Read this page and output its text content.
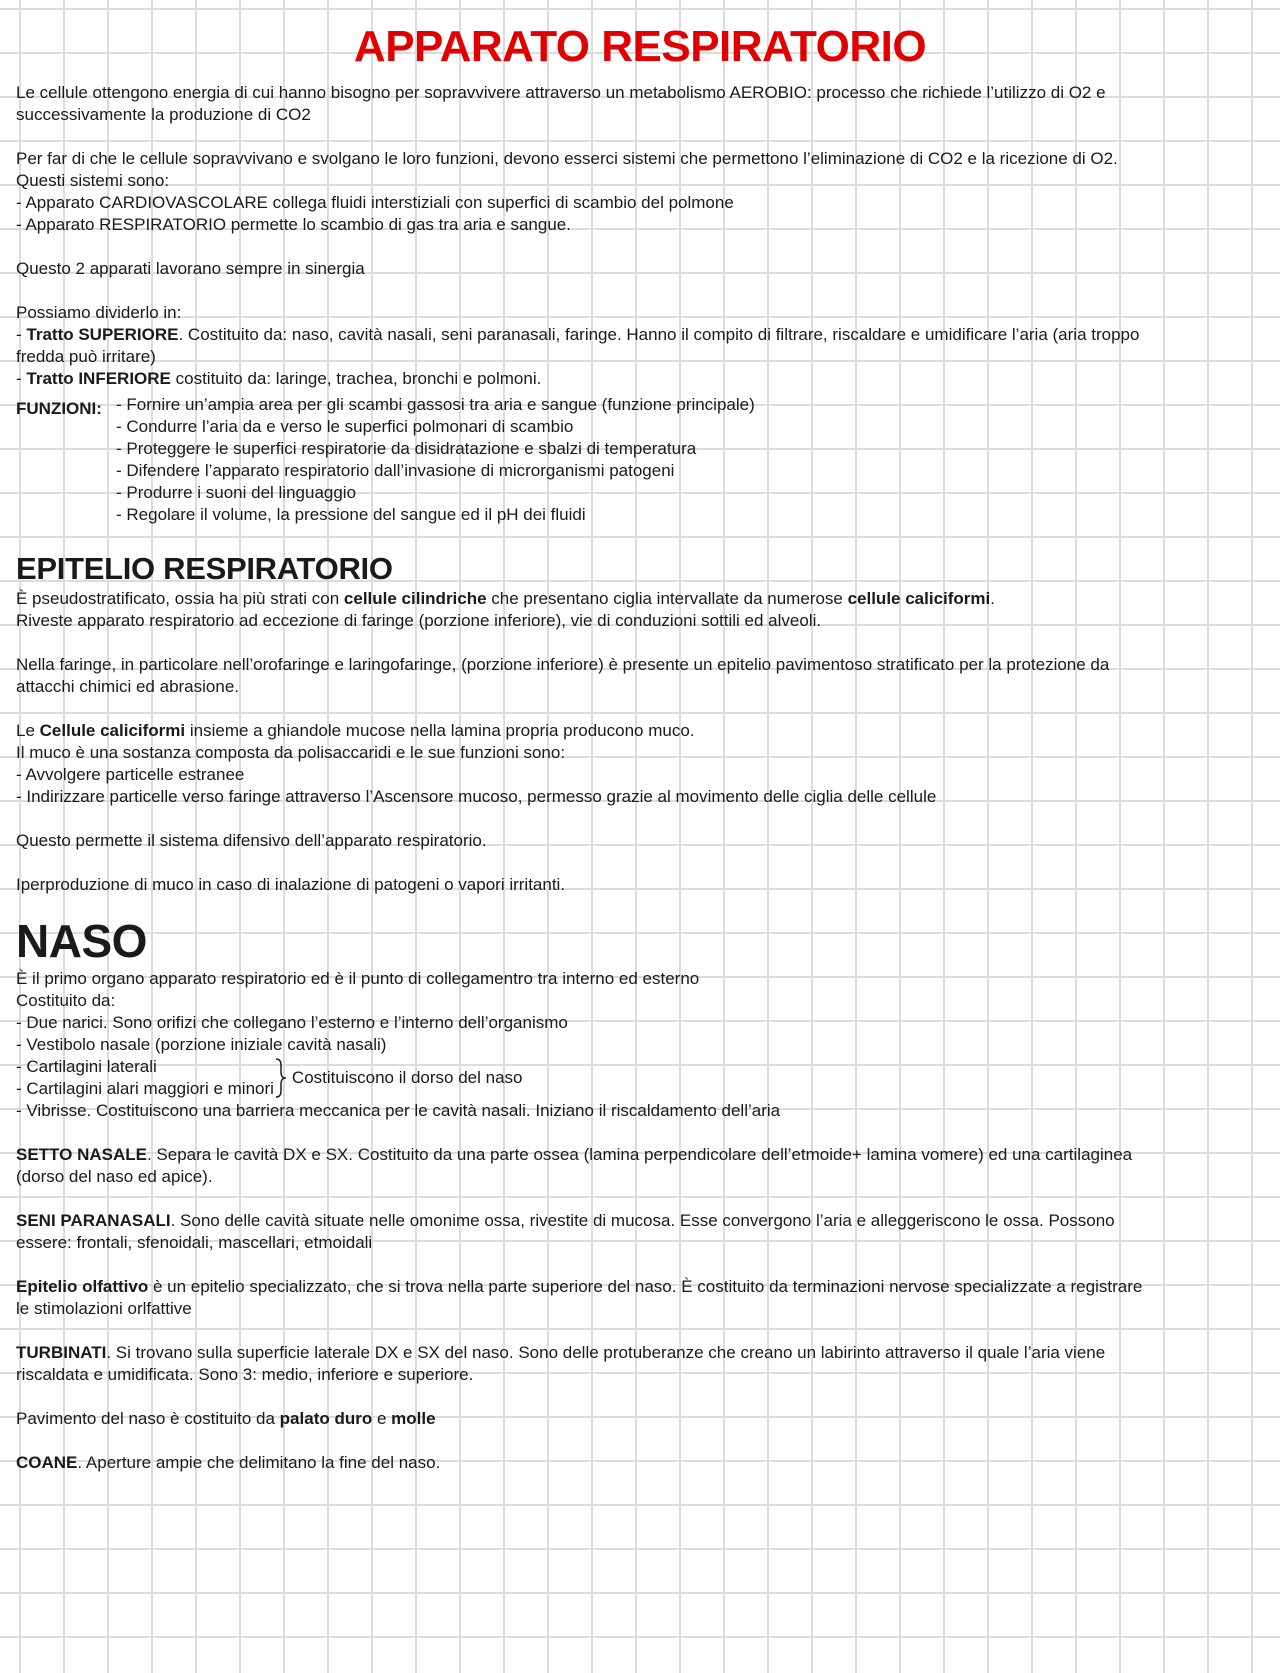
APPARATO RESPIRATORIO

Le cellule ottengono energia di cui hanno bisogno per sopravvivere attraverso un metabolismo AEROBIO: processo che richiede l’utilizzo di O2 e

successivamente la produzione di CO2

Per far di che le cellule sopravvivano e svolgano le loro funzioni, devono esserci sistemi che permettono l’eliminazione di CO2 e la ricezione di O2.

Questi sistemi sono:

- Apparato CARDIOVASCOLARE collega fluidi interstiziali con superfici di scambio del polmone

- Apparato RESPIRATORIO permette lo scambio di gas tra aria e sangue.

Questo 2 apparati lavorano sempre in sinergia

Possiamo dividerlo in:

- Tratto SUPERIORE. Costituito da: naso, cavità nasali, seni paranasali, faringe. Hanno il compito di filtrare, riscaldare e umidificare l’aria (aria troppo

fredda può irritare)

- Tratto INFERIORE costituito da: laringe, trachea, bronchi e polmoni.

FUNZIONI: - Fornire un’ampia area per gli scambi gassosi tra aria e sangue (funzione principale)
- Condurre l’aria da e verso le superfici polmonari di scambio
- Proteggere le superfici respiratorie da disidratazione e sbalzi di temperatura
- Difendere l’apparato respiratorio dall’invasione di microrganismi patogeni
- Produrre i suoni del linguaggio
- Regolare il volume, la pressione del sangue ed il pH dei fluidi
EPITELIO RESPIRATORIO

È pseudostratificato, ossia ha più strati con cellule cilindriche che presentano ciglia intervallate da numerose cellule caliciformi.

Riveste apparato respiratorio ad eccezione di faringe (porzione inferiore), vie di conduzioni sottili ed alveoli.

Nella faringe, in particolare nell’orofaringe e laringofaringe, (porzione inferiore) è presente un epitelio pavimentoso stratificato per la protezione da

attacchi chimici ed abrasione.

Le Cellule caliciformi insieme a ghiandole mucose nella lamina propria producono muco.

Il muco è una sostanza composta da polisaccaridi e le sue funzioni sono:

- Avvolgere particelle estranee

- Indirizzare particelle verso faringe attraverso l’Ascensore mucoso, permesso grazie al movimento delle ciglia delle cellule

Questo permette il sistema difensivo dell’apparato respiratorio.

Iperproduzione di muco in caso di inalazione di patogeni o vapori irritanti.

NASO

È il primo organo apparato respiratorio ed è il punto di collegamentro tra interno ed esterno

Costituito da:

- Due narici. Sono orifizi che collegano l’esterno e l’interno dell’organismo

- Vestibolo nasale (porzione iniziale cavità nasali)

- Cartilagini laterali
- Cartilagini alari maggiori e minori
Costituiscono il dorso del naso

- Vibrisse. Costituiscono una barriera meccanica per le cavità nasali. Iniziano il riscaldamento dell’aria

SETTO NASALE. Separa le cavità DX e SX. Costituito da una parte ossea (lamina perpendicolare dell’etmoide+ lamina vomere) ed una cartilaginea

(dorso del naso ed apice).

SENI PARANASALI. Sono delle cavità situate nelle omonime ossa, rivestite di mucosa. Esse convergono l’aria e alleggeriscono le ossa. Possono

essere: frontali, sfenoidali, mascellari, etmoidali

Epitelio olfattivo è un epitelio specializzato, che si trova nella parte superiore del naso. È costituito da terminazioni nervose specializzate a registrare

le stimolazioni orlfattive

TURBINATI. Si trovano sulla superficie laterale DX e SX del naso. Sono delle protuberanze che creano un labirinto attraverso il quale l’aria viene

riscaldata e umidificata. Sono 3: medio, inferiore e superiore.

Pavimento del naso è costituito da palato duro e molle

COANE. Aperture ampie che delimitano la fine del naso.
